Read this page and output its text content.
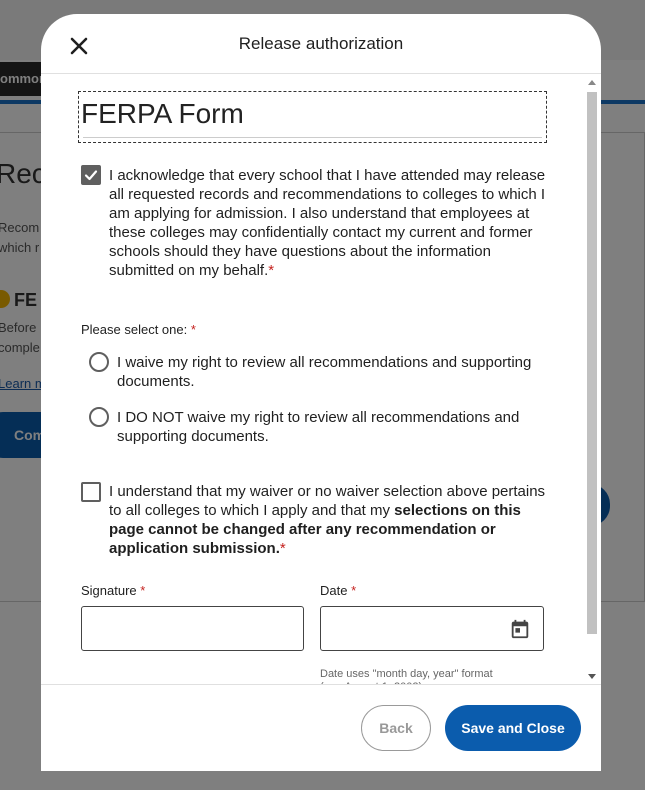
Release authorization
FERPA Form
I acknowledge that every school that I have attended may release all requested records and recommendations to colleges to which I am applying for admission. I also understand that employees at these colleges may confidentially contact my current and former schools should they have questions about the information submitted on my behalf.*
Please select one: *
I waive my right to review all recommendations and supporting documents.
I DO NOT waive my right to review all recommendations and supporting documents.
I understand that my waiver or no waiver selection above pertains to all colleges to which I apply and that my selections on this page cannot be changed after any recommendation or application submission.*
Signature *	Date *
Date uses "month day, year" format
Back	Save and Close
